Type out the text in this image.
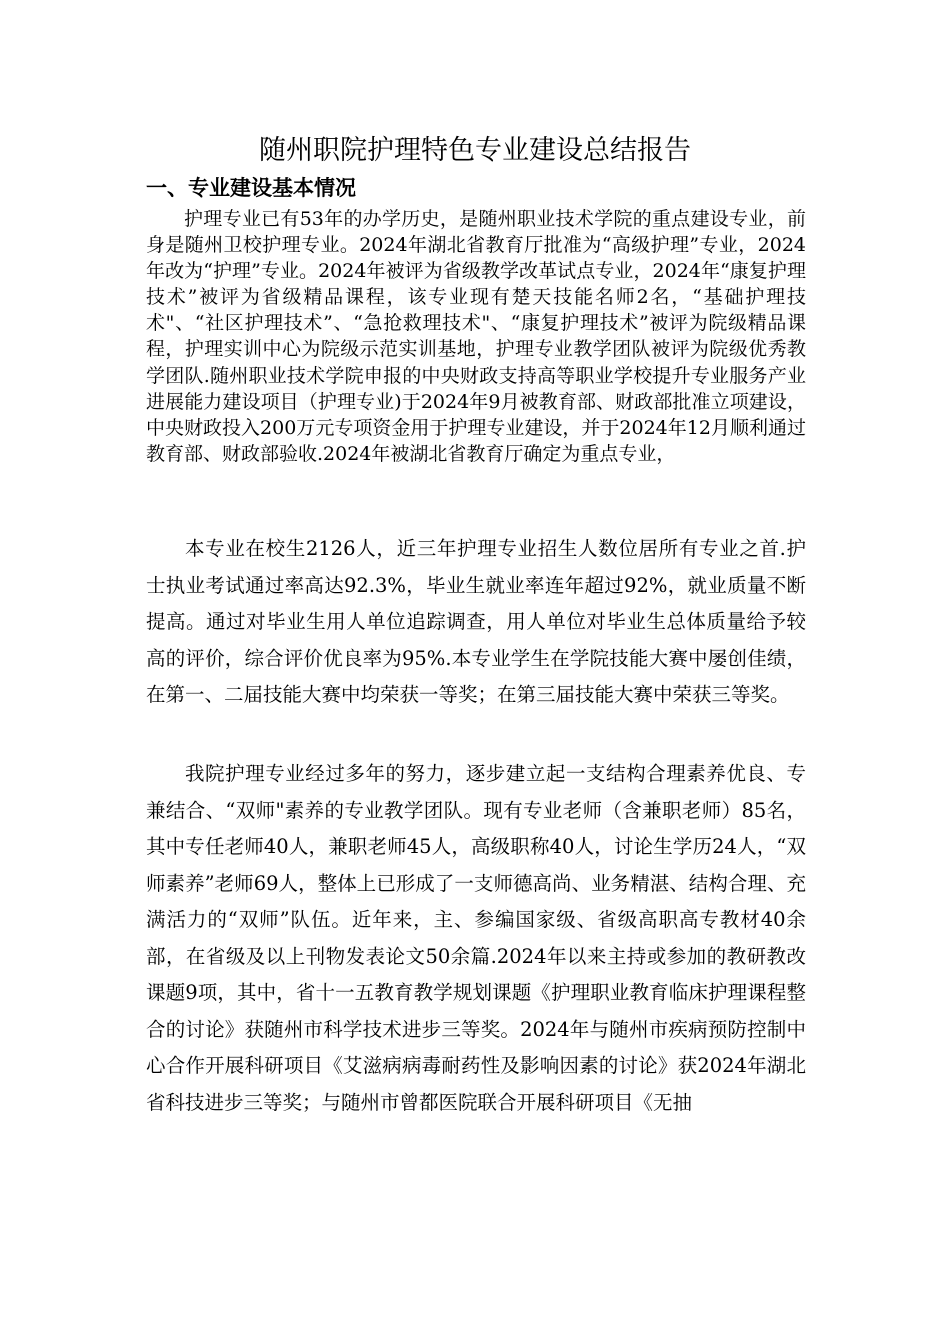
随州职院护理特色专业建设总结报告
一、专业建设基本情况

护理专业已有53年的办学历史，是随州职业技术学院的重点建设专业，前身是随州卫校护理专业。2024年湖北省教育厅批准为“高级护理”专业，2024年改为“护理”专业。2024年被评为省级教学改革试点专业，2024年“康复护理技术”被评为省级精品课程，该专业现有楚天技能名师2名，“基础护理技术"、“社区护理技术”、“急抢救理技术"、“康复护理技术”被评为院级精品课程，护理实训中心为院级示范实训基地，护理专业教学团队被评为院级优秀教学团队.随州职业技术学院申报的中央财政支持高等职业学校提升专业服务产业进展能力建设项目（护理专业)于2024年9月被教育部、财政部批准立项建设，中央财政投入200万元专项资金用于护理专业建设，并于2024年12月顺利通过教育部、财政部验收.2024年被湖北省教育厅确定为重点专业，

本专业在校生2126人，近三年护理专业招生人数位居所有专业之首.护士执业考试通过率高达92.3%，毕业生就业率连年超过92%，就业质量不断提高。通过对毕业生用人单位追踪调查，用人单位对毕业生总体质量给予较高的评价，综合评价优良率为95%.本专业学生在学院技能大赛中屡创佳绩，在第一、二届技能大赛中均荣获一等奖；在第三届技能大赛中荣获三等奖。

我院护理专业经过多年的努力，逐步建立起一支结构合理素养优良、专兼结合、“双师"素养的专业教学团队。现有专业老师（含兼职老师）85名，其中专任老师40人，兼职老师45人，高级职称40人，讨论生学历24人，“双师素养”老师69人，整体上已形成了一支师德高尚、业务精湛、结构合理、充满活力的“双师”队伍。近年来，主、参编国家级、省级高职高专教材40余部，在省级及以上刊物发表论文50余篇.2024年以来主持或参加的教研教改课题9项，其中，省十一五教育教学规划课题《护理职业教育临床护理课程整合的讨论》获随州市科学技术进步三等奖。2024年与随州市疾病预防控制中心合作开展科研项目《艾滋病病毒耐药性及影响因素的讨论》获2024年湖北省科技进步三等奖；与随州市曾都医院联合开展科研项目《无抽
